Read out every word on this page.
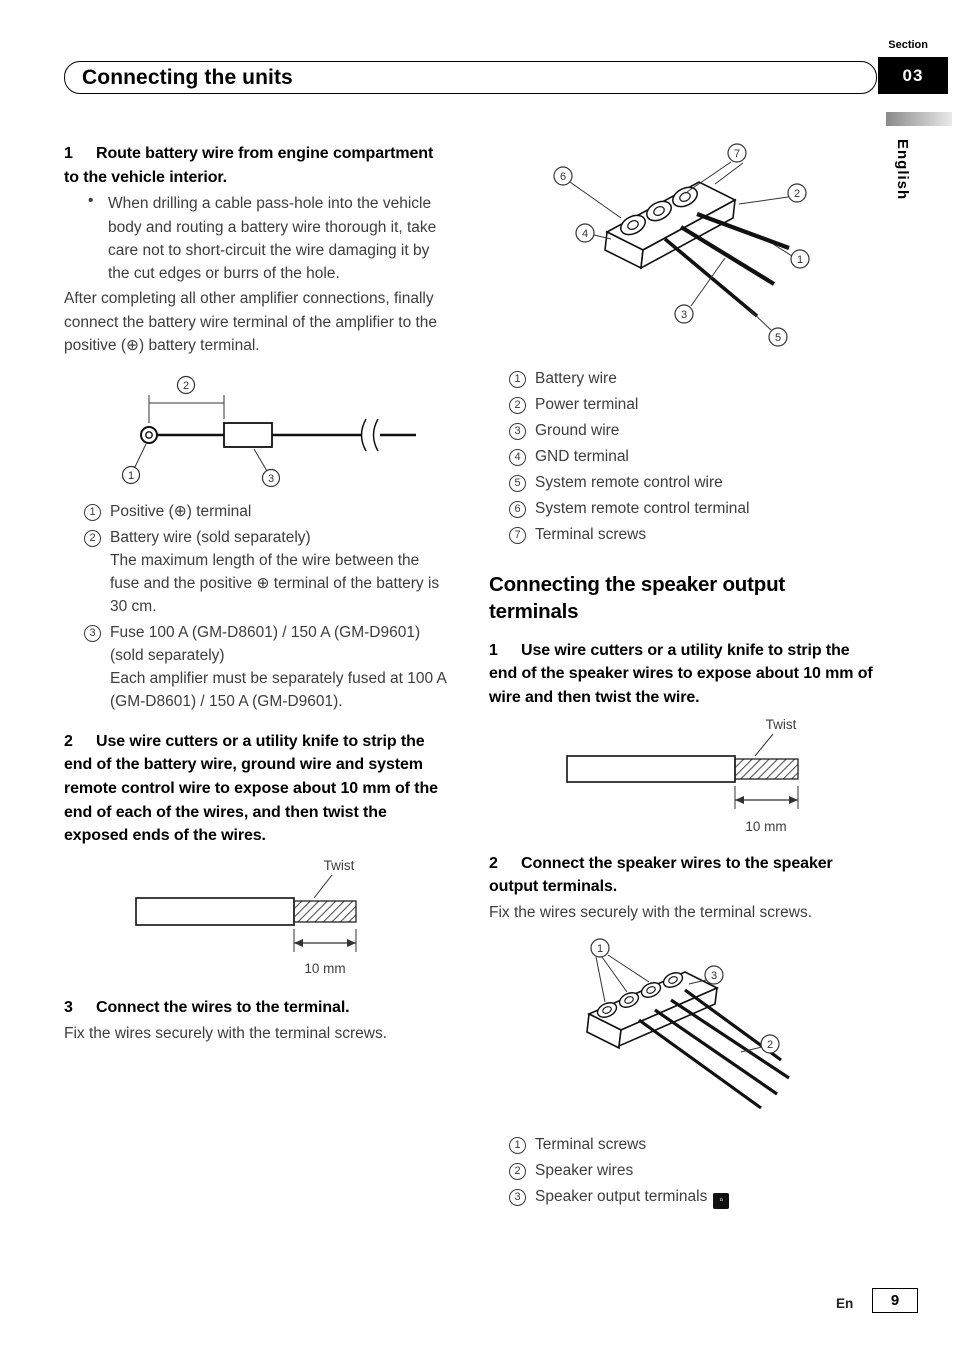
Connecting the units
Section
03
English

1 Route battery wire from engine compartment to the vehicle interior.

• When drilling a cable pass-hole into the vehicle body and routing a battery wire thorough it, take care not to short-circuit the wire damaging it by the cut edges or burrs of the hole.

After completing all other amplifier connections, finally connect the battery wire terminal of the amplifier to the positive (⊕) battery terminal.

2
1	3
1 Positive (⊕) terminal
2 Battery wire (sold separately)
The maximum length of the wire between the fuse and the positive ⊕ terminal of the battery is 30 cm.
3 Fuse 100 A (GM-D8601) / 150 A (GM-D9601) (sold separately)
Each amplifier must be separately fused at 100 A (GM-D8601) / 150 A (GM-D9601).

2 Use wire cutters or a utility knife to strip the end of the battery wire, ground wire and system remote control wire to expose about 10 mm of the end of each of the wires, and then twist the exposed ends of the wires.

Twist
10 mm

3 Connect the wires to the terminal.

Fix the wires securely with the terminal screws.

6
7
2
4
1
3
5
1 Battery wire
2 Power terminal
3 Ground wire
4 GND terminal
5 System remote control wire
6 System remote control terminal
7 Terminal screws
Connecting the speaker output terminals

1 Use wire cutters or a utility knife to strip the end of the speaker wires to expose about 10 mm of wire and then twist the wire.

Twist
10 mm

2 Connect the speaker wires to the speaker output terminals.

Fix the wires securely with the terminal screws.

1
3
2
1 Terminal screws
2 Speaker wires
3 Speaker output terminals ▫
En	9
